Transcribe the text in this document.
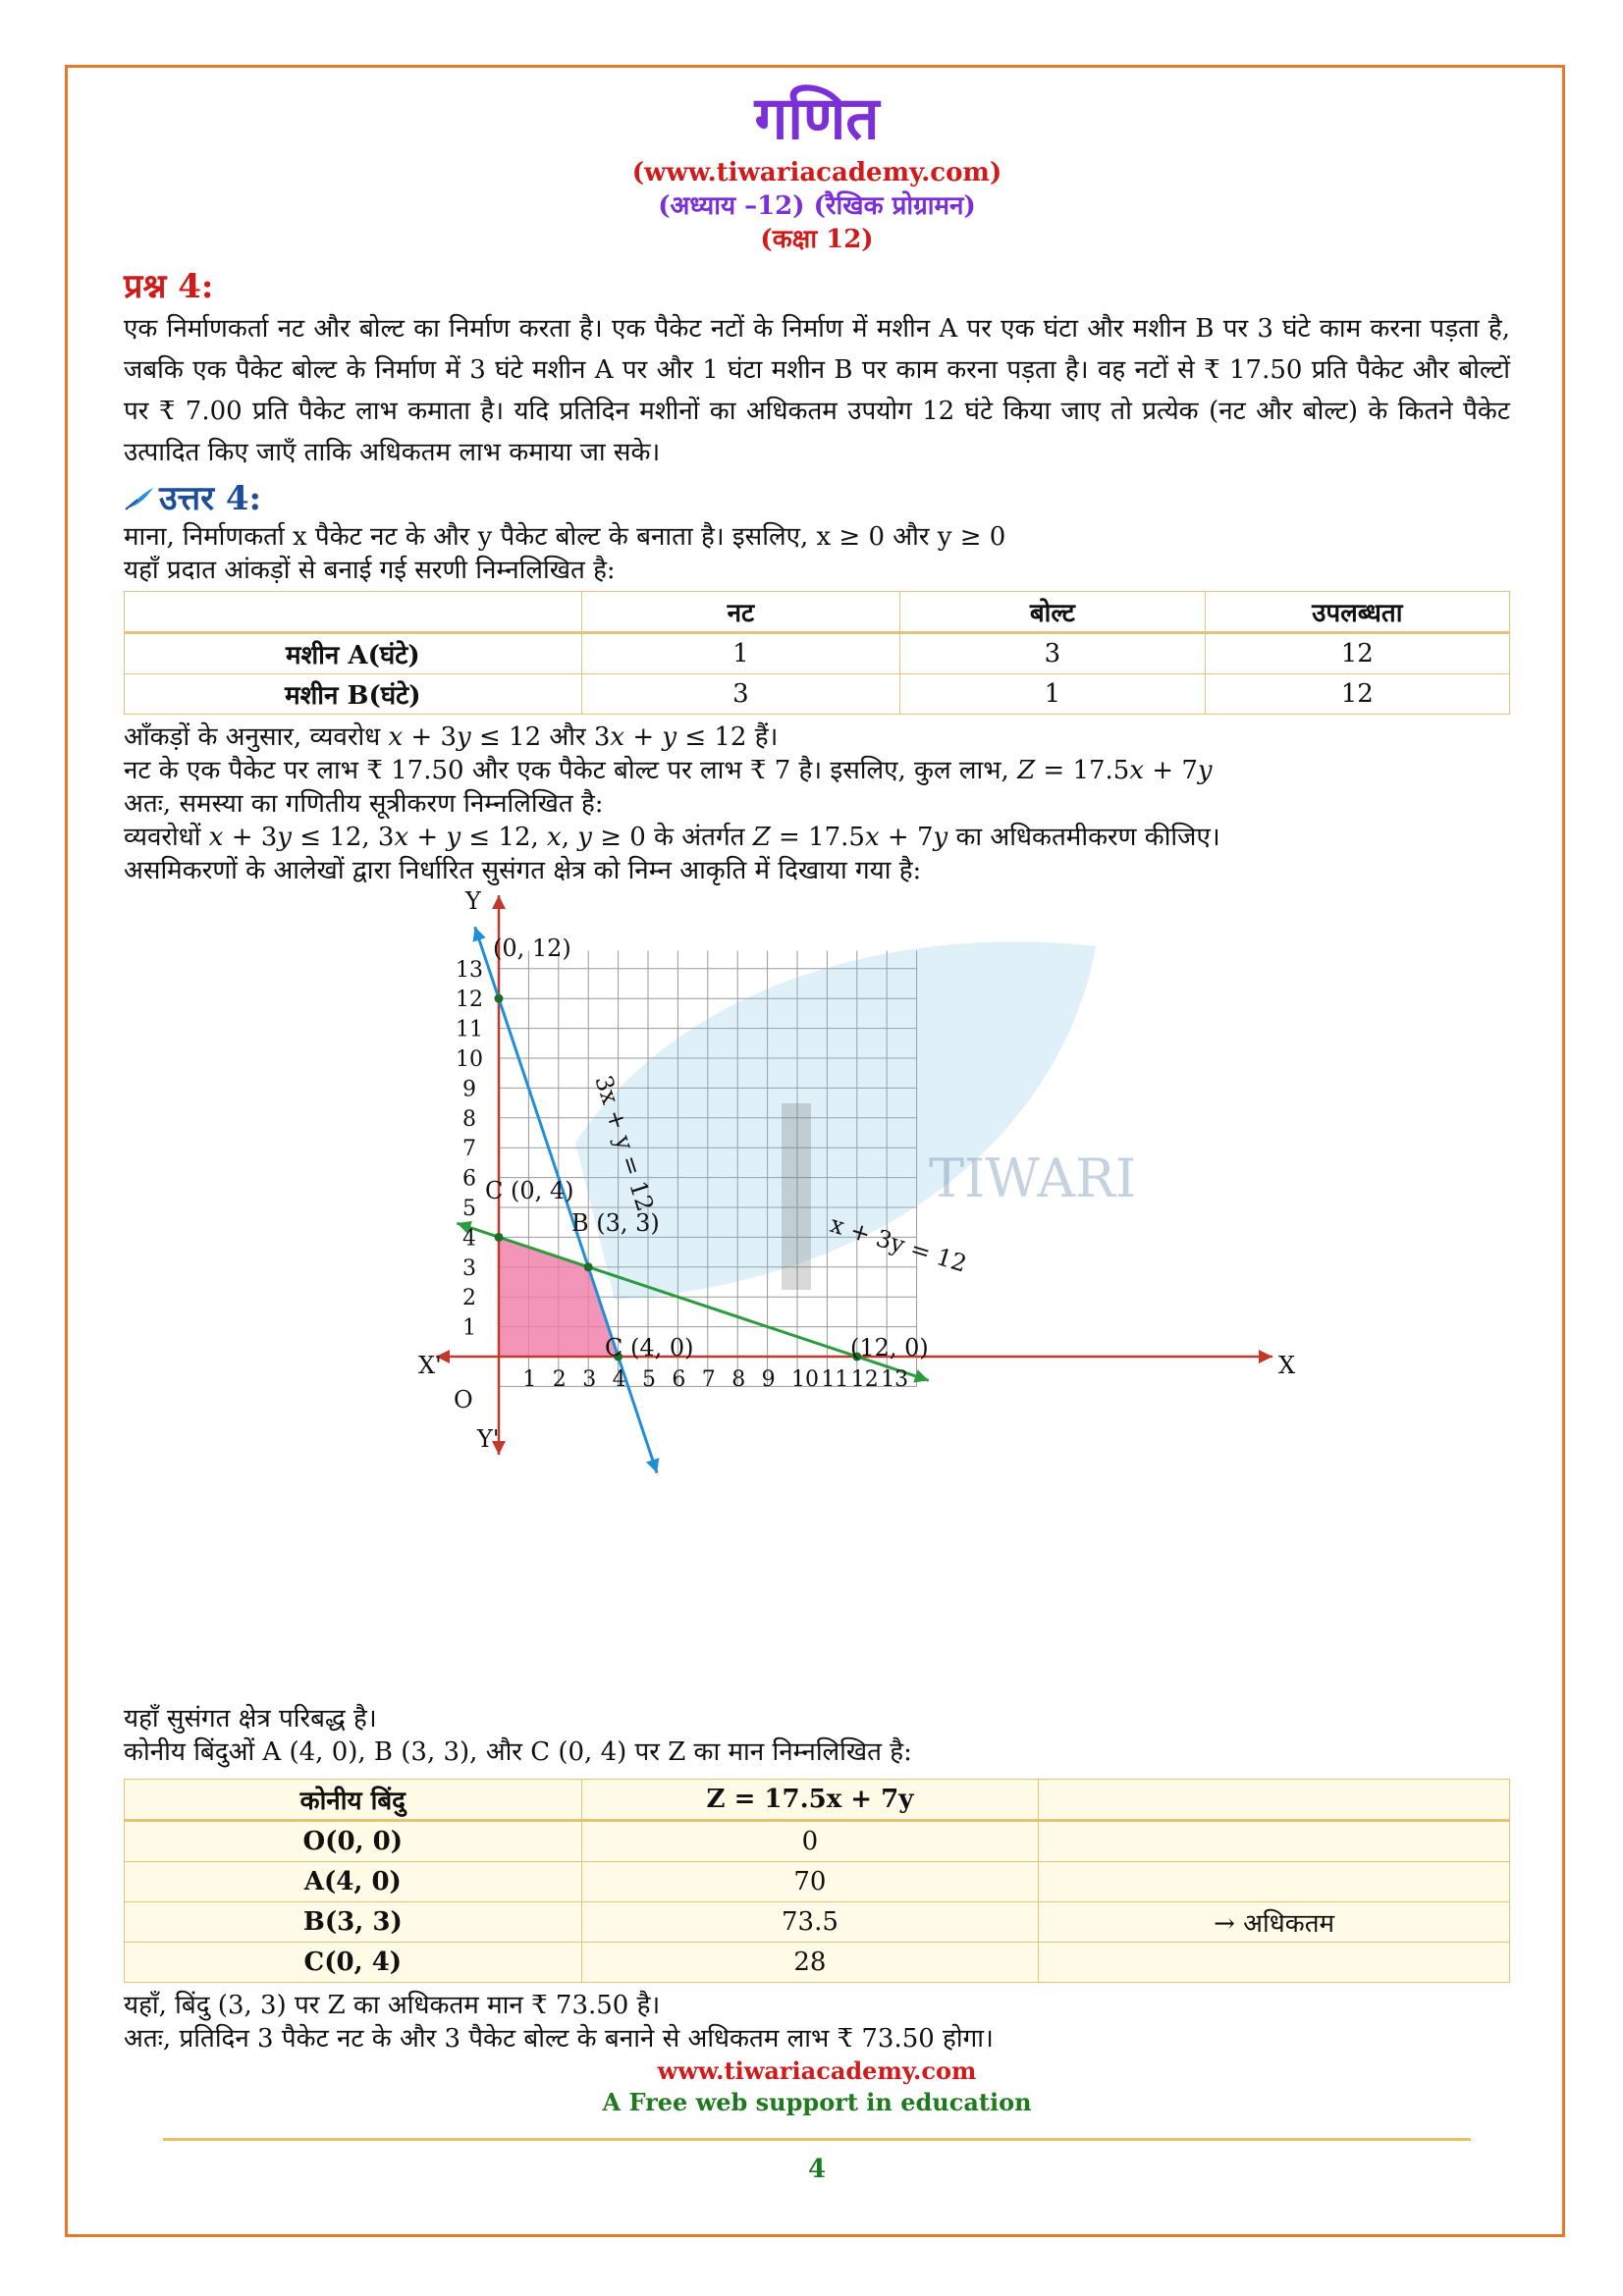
गणित
(www.tiwariacademy.com)
(अध्याय –12) (रैखिक प्रोग्रामन)
(कक्षा 12)
प्रश्न 4:

एक निर्माणकर्ता नट और बोल्ट का निर्माण करता है। एक पैकेट नटों के निर्माण में मशीन A पर एक घंटा और मशीन B पर 3 घंटे काम करना पड़ता है, जबकि एक पैकेट बोल्ट के निर्माण में 3 घंटे मशीन A पर और 1 घंटा मशीन B पर काम करना पड़ता है। वह नटों से ₹ 17.50 प्रति पैकेट और बोल्टों पर ₹ 7.00 प्रति पैकेट लाभ कमाता है। यदि प्रतिदिन मशीनों का अधिकतम उपयोग 12 घंटे किया जाए तो प्रत्येक (नट और बोल्ट) के कितने पैकेट उत्पादित किए जाएँ ताकि अधिकतम लाभ कमाया जा सके।

उत्तर 4:

माना, निर्माणकर्ता x पैकेट नट के और y पैकेट बोल्ट के बनाता है। इसलिए, x ≥ 0 और y ≥ 0

यहाँ प्रदात आंकड़ों से बनाई गई सरणी निम्नलिखित है:

	नट	बोल्ट	उपलब्धता
मशीन A(घंटे)	1	3	12
मशीन B(घंटे)	3	1	12

आँकड़ों के अनुसार, व्यवरोध 𝑥 + 3𝑦 ≤ 12 और 3𝑥 + 𝑦 ≤ 12 हैं।

नट के एक पैकेट पर लाभ ₹ 17.50 और एक पैकेट बोल्ट पर लाभ ₹ 7 है। इसलिए, कुल लाभ, 𝑍 = 17.5𝑥 + 7𝑦

अतः, समस्या का गणितीय सूत्रीकरण निम्नलिखित है:

व्यवरोधों 𝑥 + 3𝑦 ≤ 12, 3𝑥 + 𝑦 ≤ 12, 𝑥, 𝑦 ≥ 0 के अंतर्गत 𝑍 = 17.5𝑥 + 7𝑦 का अधिकतमीकरण कीजिए।

असमिकरणों के आलेखों द्वारा निर्धारित सुसंगत क्षेत्र को निम्न आकृति में दिखाया गया है:

TIWARI
1 2 3 4 5 6 7 8 9 10 11 12 13
1
2
3
4
5
6
7
8
9
10
11
12
13
X
X'
Y
Y'
O
3x + y = 12
x + 3y = 12
(0, 12)
C (0, 4)
B (3, 3)
C (4, 0)	(12, 0)

यहाँ सुसंगत क्षेत्र परिबद्ध है।

कोनीय बिंदुओं A (4, 0), B (3, 3), और C (0, 4) पर Z का मान निम्नलिखित है:

कोनीय बिंदु	Z = 17.5x + 7y	
O(0, 0)	0	
A(4, 0)	70	
B(3, 3)	73.5	→ अधिकतम
C(0, 4)	28	

यहाँ, बिंदु (3, 3) पर Z का अधिकतम मान ₹ 73.50 है।

अतः, प्रतिदिन 3 पैकेट नट के और 3 पैकेट बोल्ट के बनाने से अधिकतम लाभ ₹ 73.50 होगा।

www.tiwariacademy.com
A Free web support in education
4
